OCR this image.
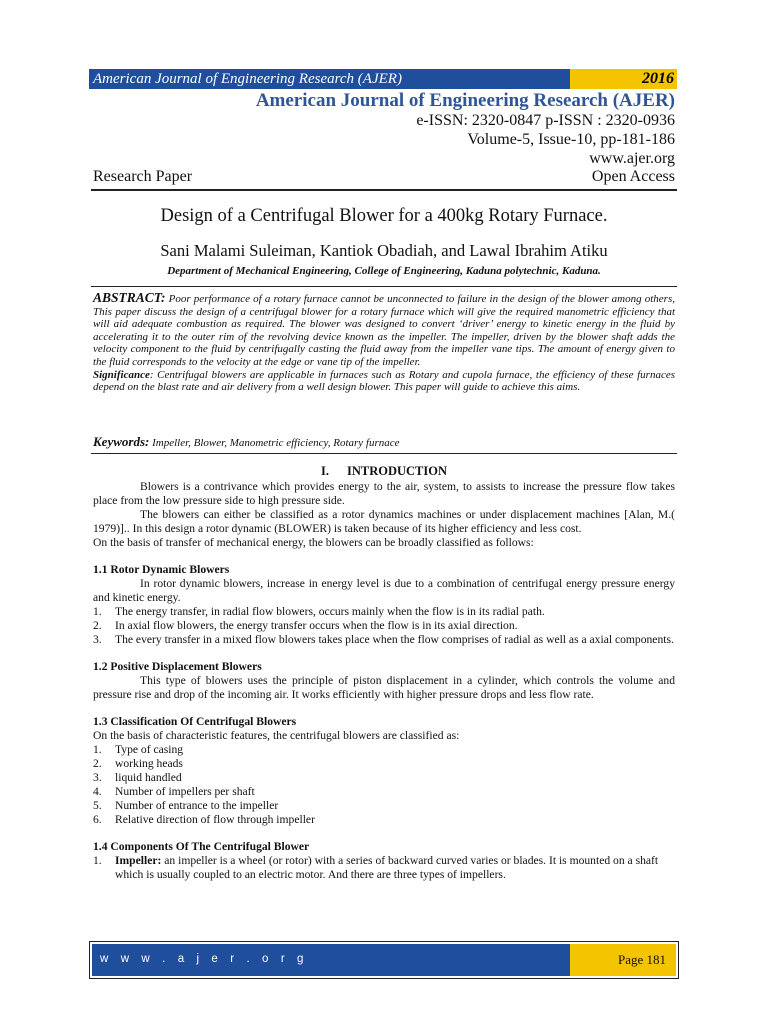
American Journal of Engineering Research (AJER)	2016
American Journal of Engineering Research (AJER)
e-ISSN: 2320-0847 p-ISSN : 2320-0936
Volume-5, Issue-10, pp-181-186
www.ajer.org
Research Paper	Open Access
Design of a Centrifugal Blower for a 400kg Rotary Furnace.
Sani Malami Suleiman, Kantiok Obadiah, and Lawal Ibrahim Atiku
Department of Mechanical Engineering, College of Engineering, Kaduna polytechnic, Kaduna.
ABSTRACT: Poor performance of a rotary furnace cannot be unconnected to failure in the design of the blower among others, This paper discuss the design of a centrifugal blower for a rotary furnace which will give the required manometric efficiency that will aid adequate combustion as required. The blower was designed to convert ‘driver’ energy to kinetic energy in the fluid by accelerating it to the outer rim of the revolving device known as the impeller. The impeller, driven by the blower shaft adds the velocity component to the fluid by centrifugally casting the fluid away from the impeller vane tips. The amount of energy given to the fluid corresponds to the velocity at the edge or vane tip of the impeller.
Significance: Centrifugal blowers are applicable in furnaces such as Rotary and cupola furnace, the efficiency of these furnaces depend on the blast rate and air delivery from a well design blower. This paper will guide to achieve this aims.
Keywords: Impeller, Blower, Manometric efficiency, Rotary furnace
I. INTRODUCTION

Blowers is a contrivance which provides energy to the air, system, to assists to increase the pressure flow takes place from the low pressure side to high pressure side.

The blowers can either be classified as a rotor dynamics machines or under displacement machines [Alan, M.( 1979)].. In this design a rotor dynamic (BLOWER) is taken because of its higher efficiency and less cost.

On the basis of transfer of mechanical energy, the blowers can be broadly classified as follows:

1.1 Rotor Dynamic Blowers

In rotor dynamic blowers, increase in energy level is due to a combination of centrifugal energy pressure energy and kinetic energy.

1.	The energy transfer, in radial flow blowers, occurs mainly when the flow is in its radial path.
2.	In axial flow blowers, the energy transfer occurs when the flow is in its axial direction.
3.	The every transfer in a mixed flow blowers takes place when the flow comprises of radial as well as a axial components.

1.2 Positive Displacement Blowers

This type of blowers uses the principle of piston displacement in a cylinder, which controls the volume and pressure rise and drop of the incoming air. It works efficiently with higher pressure drops and less flow rate.

1.3 Classification Of Centrifugal Blowers

On the basis of characteristic features, the centrifugal blowers are classified as:

1.	Type of casing
2.	working heads
3.	liquid handled
4.	Number of impellers per shaft
5.	Number of entrance to the impeller
6.	Relative direction of flow through impeller

1.4 Components Of The Centrifugal Blower

1.	Impeller: an impeller is a wheel (or rotor) with a series of backward curved varies or blades. It is mounted on a shaft which is usually coupled to an electric motor. And there are three types of impellers.
w w w . a j e r . o r g	Page 181
